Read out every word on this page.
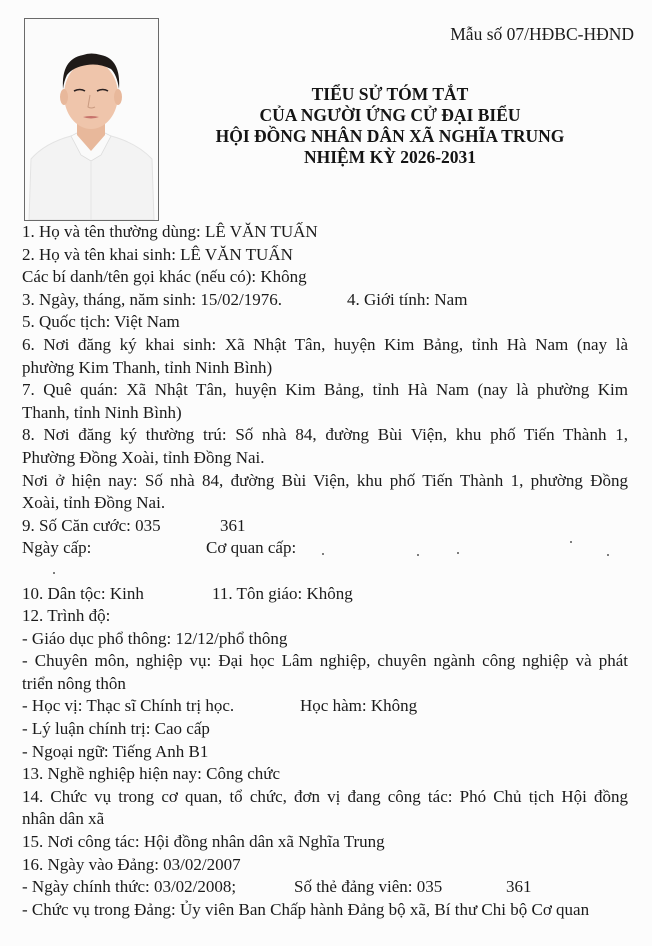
Mẫu số 07/HĐBC-HĐND
TIỂU SỬ TÓM TẮT
CỦA NGƯỜI ỨNG CỬ ĐẠI BIỂU
HỘI ĐỒNG NHÂN DÂN XÃ NGHĨA TRUNG
NHIỆM KỲ 2026-2031
1. Họ và tên thường dùng: LÊ VĂN TUẤN
2. Họ và tên khai sinh: LÊ VĂN TUẤN
Các bí danh/tên gọi khác (nếu có): Không
3. Ngày, tháng, năm sinh: 15/02/1976.	4. Giới tính: Nam
5. Quốc tịch: Việt Nam
6. Nơi đăng ký khai sinh: Xã Nhật Tân, huyện Kim Bảng, tỉnh Hà Nam (nay là
phường Kim Thanh, tỉnh Ninh Bình)
7. Quê quán: Xã Nhật Tân, huyện Kim Bảng, tỉnh Hà Nam (nay là phường Kim
Thanh, tỉnh Ninh Bình)
8. Nơi đăng ký thường trú: Số nhà 84, đường Bùi Viện, khu phố Tiến Thành 1,
Phường Đồng Xoài, tỉnh Đồng Nai.
Nơi ở hiện nay: Số nhà 84, đường Bùi Viện, khu phố Tiến Thành 1, phường Đồng
Xoài, tỉnh Đồng Nai.
9. Số Căn cước: 035	361
Ngày cấp:	Cơ quan cấp:
10. Dân tộc: Kinh	11. Tôn giáo: Không
12. Trình độ:
- Giáo dục phổ thông: 12/12/phổ thông
- Chuyên môn, nghiệp vụ: Đại học Lâm nghiệp, chuyên ngành công nghiệp và phát
triển nông thôn
- Học vị: Thạc sĩ Chính trị học.	Học hàm: Không
- Lý luận chính trị: Cao cấp
- Ngoại ngữ: Tiếng Anh B1
13. Nghề nghiệp hiện nay: Công chức
14. Chức vụ trong cơ quan, tổ chức, đơn vị đang công tác: Phó Chủ tịch Hội đồng
nhân dân xã
15. Nơi công tác: Hội đồng nhân dân xã Nghĩa Trung
16. Ngày vào Đảng: 03/02/2007
- Ngày chính thức: 03/02/2008;	Số thẻ đảng viên: 035	361
- Chức vụ trong Đảng: Ủy viên Ban Chấp hành Đảng bộ xã, Bí thư Chi bộ Cơ quan
